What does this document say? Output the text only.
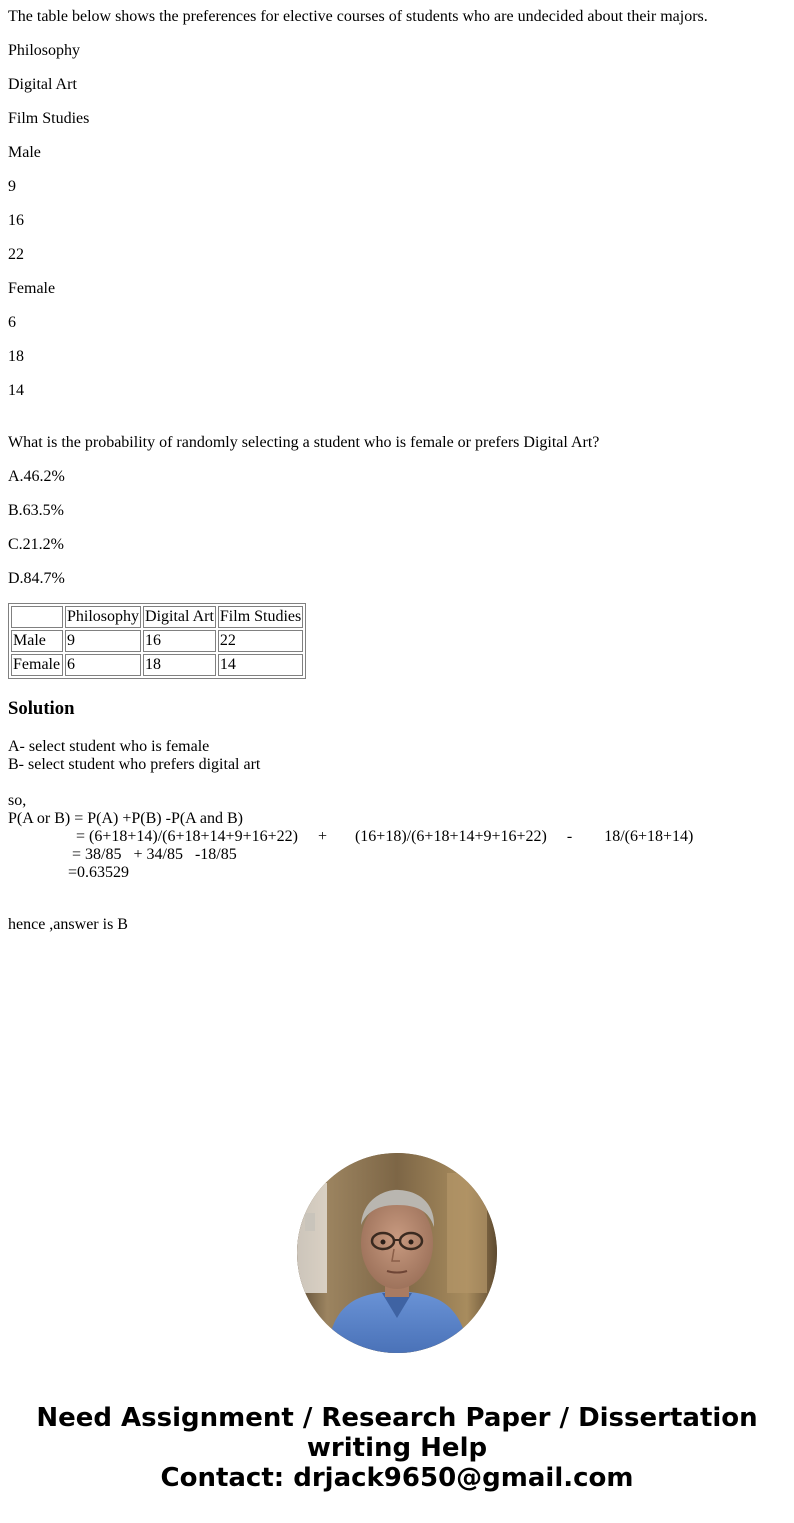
The table below shows the preferences for elective courses of students who are undecided about their majors.
Philosophy
Digital Art
Film Studies
Male
9
16
22
Female
6
18
14
What is the probability of randomly selecting a student who is female or prefers Digital Art?
A.46.2%
B.63.5%
C.21.2%
D.84.7%
	Philosophy	Digital Art	Film Studies
Male	9	16	22
Female	6	18	14
Solution
A- select student who is female
B- select student who prefers digital art
so,
P(A or B) = P(A) +P(B) -P(A and B)
= (6+18+14)/(6+18+14+9+16+22)     +       (16+18)/(6+18+14+9+16+22)     -        18/(6+18+14)
= 38/85   + 34/85   -18/85
=0.63529
hence ,answer is B
Need Assignment / Research Paper / Dissertation
writing Help
Contact: drjack9650@gmail.com
